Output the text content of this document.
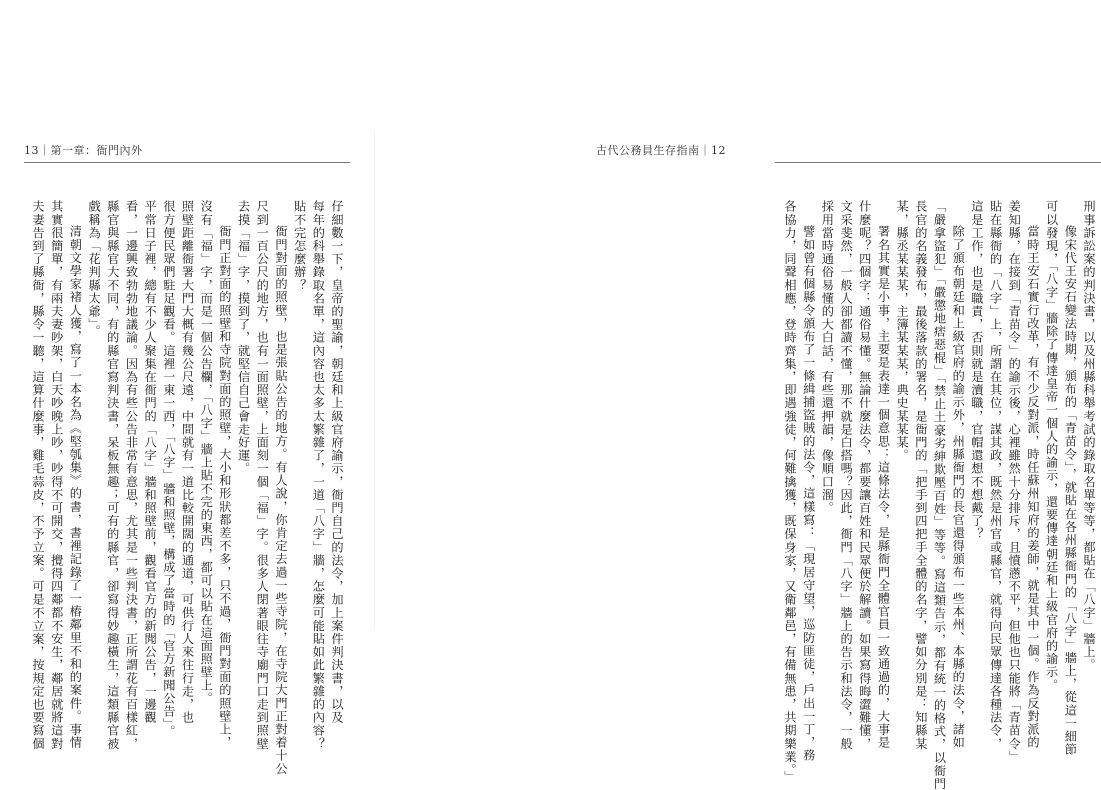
13｜第一章：衙門內外
仔細數一下，皇帝的聖諭，朝廷和上級官府諭示，衙門自己的法令，加上案件判決書，以及
每年的科舉錄取名單，這內容也太多太繁雜了，一道「八字」牆，怎麼可能貼如此繁雜的內容？
貼不完怎麼辦？
衙門對面的照壁，也是張貼公告的地方。有人說，你肯定去過一些寺院，在寺院大門正對着十公
尺到一百公尺的地方，也有一面照壁，上面刻一個「福」字。很多人閉著眼往寺廟門口走到照壁
去摸「福」字，摸到了，就堅信自己會走好運。
衙門正對面的照壁和寺院對面的照壁，大小和形狀都差不多，只不過，衙門對面的照壁上，
沒有「福」字，而是一個公告欄，「八字」牆上貼不完的東西，都可以貼在這面照壁上。
照壁距離衙署大門大概有幾公尺遠，中間就有一道比較開闊的通道，可供行人來往行走，也
很方便民眾們駐足觀看。這裡一東一西，「八字」牆和照壁，構成了當時的「官方新聞公告」。
平常日子裡，總有不少人聚集在衙門的「八字」牆和照壁前，觀看官方的新聞公告，一邊觀
看，一邊興致勃勃地議論。因為有些公告非常有意思，尤其是一些判決書，正所謂花有百樣紅，
縣官與縣官大不同，有的縣官寫判決書，呆板無趣；可有的縣官，卻寫得妙趣橫生，這類縣官被
戲稱為「花判縣太爺」。
清朝文學家褚人獲，寫了一本名為《堅瓠集》的書，書裡記錄了一樁鄰里不和的案件。事情
其實很簡單，有兩夫妻吵架，白天吵晚上吵，吵得不可開交，攪得四鄰都不安生，鄰居就將這對
夫妻告到了縣衙，縣令一聽，這算什麼事，雞毛蒜皮，不予立案。可是不立案，按規定也要寫個
古代公務員生存指南｜12
刑事訴訟案的判決書，以及州縣科舉考試的錄取名單等等，都貼在「八字」牆上。
像宋代王安石變法時期，頒布的「青苗令」，就貼在各州縣衙門的「八字」牆上，從這一細節
可以發現，「八字」牆除了傳達皇帝一個人的諭示，還要傳達朝廷和上級官府的諭示。
當時王安石實行改革，有不少反對派，時任蘇州知府的姜師，就是其中一個。作為反對派的
姜知縣，在接到「青苗令」的諭示後，心裡雖然十分排斥，且憤懣不平，但他也只能將「青苗令」
貼在縣衙的「八字」上，所謂在其位，謀其政，既然是州官或縣官，就得向民眾傳達各種法令，
這是工作，也是職責，否則就是瀆職，官帽還想不想戴了？
除了頒布朝廷和上級官府的諭示外，州縣衙門的長官還得頒布一些本州、本縣的法令，諸如
「嚴拿盜犯」「嚴懲地痞惡棍」「禁止土豪劣紳欺壓百姓」等等。寫這類告示，都有統一的格式，以衙門
長官的名義發布，最後落款的署名，是衙門的「把手到四把手全體的名字，譬如分別是：知縣某
某，縣丞某某某，主簿某某某，典史某某某。
署名其實是小事，主要是表達一個意思：這條法令，是縣衙門全體官員一致通過的，大事是
什麼呢？四個字：通俗易懂。無論什麼法令，都要讓百姓和民眾便於解讀。如果寫得晦澀難懂，
文采斐然，一般人卻都讀不懂，那不就是白搭嗎？因此，衙門「八字」牆上的告示和法令，一般
採用當時通俗易懂的大白話，有些還押韻，像順口溜。
譬如曾有個縣令頒布了一條緝捕盜賊的法令，這樣寫：「現居守望，巡防匪徒，戶出一丁，務
各協力，同聲相應，登時齊集，即遇強徒，何難擒獲，既保身家，又衛鄰邑，有備無患，共期樂業。」
